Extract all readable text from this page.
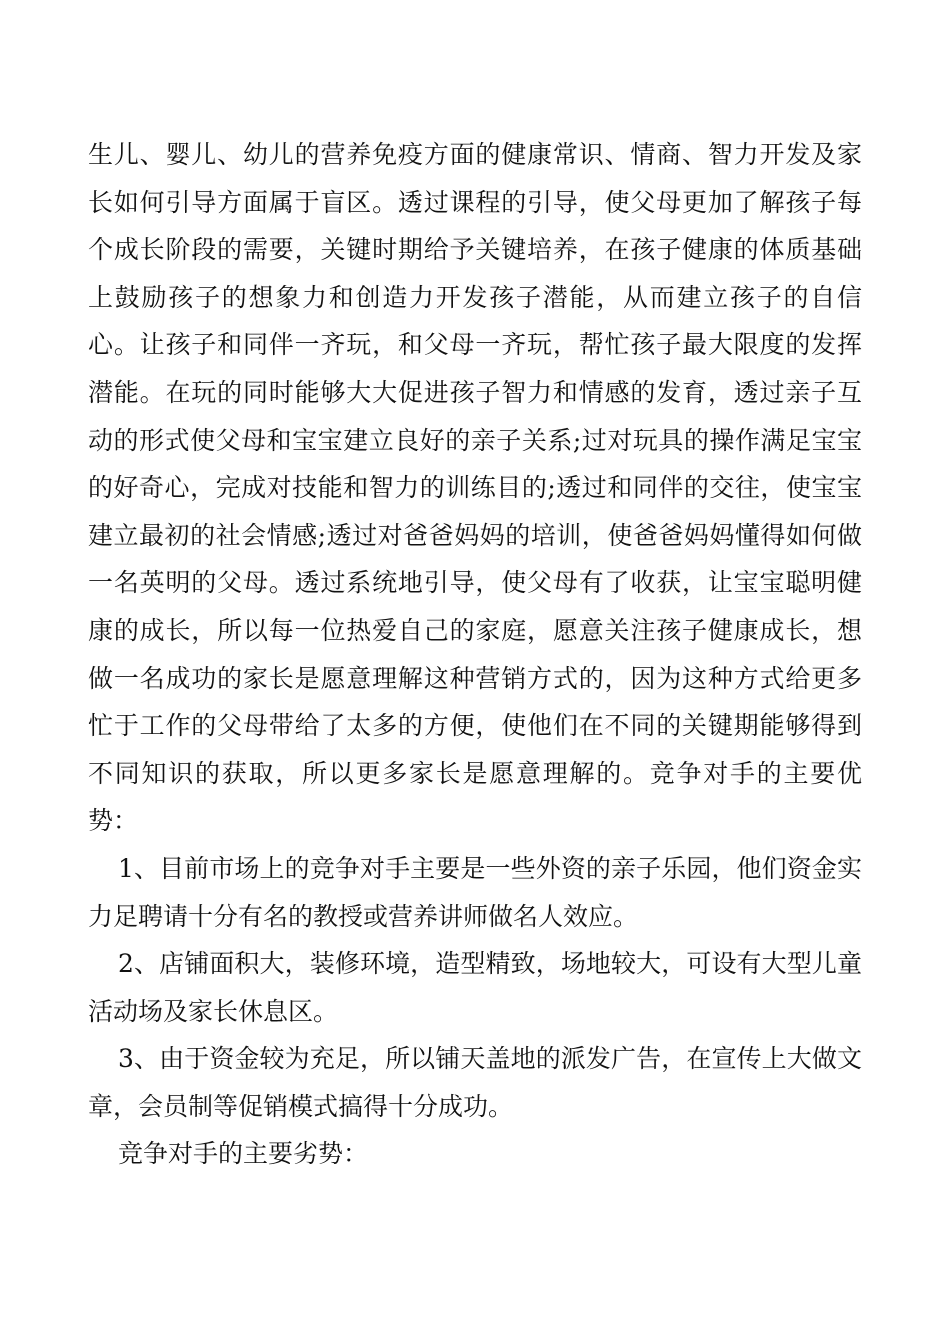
生儿、婴儿、幼儿的营养免疫方面的健康常识、情商、智力开发及家长如何引导方面属于盲区。透过课程的引导，使父母更加了解孩子每个成长阶段的需要，关键时期给予关键培养，在孩子健康的体质基础上鼓励孩子的想象力和创造力开发孩子潜能，从而建立孩子的自信心。让孩子和同伴一齐玩，和父母一齐玩，帮忙孩子最大限度的发挥潜能。在玩的同时能够大大促进孩子智力和情感的发育，透过亲子互动的形式使父母和宝宝建立良好的亲子关系;过对玩具的操作满足宝宝的好奇心，完成对技能和智力的训练目的;透过和同伴的交往，使宝宝建立最初的社会情感;透过对爸爸妈妈的培训，使爸爸妈妈懂得如何做一名英明的父母。透过系统地引导，使父母有了收获，让宝宝聪明健康的成长，所以每一位热爱自己的家庭，愿意关注孩子健康成长，想做一名成功的家长是愿意理解这种营销方式的，因为这种方式给更多忙于工作的父母带给了太多的方便，使他们在不同的关键期能够得到不同知识的获取，所以更多家长是愿意理解的。竞争对手的主要优势：

1、目前市场上的竞争对手主要是一些外资的亲子乐园，他们资金实力足聘请十分有名的教授或营养讲师做名人效应。

2、店铺面积大，装修环境，造型精致，场地较大，可设有大型儿童活动场及家长休息区。

3、由于资金较为充足，所以铺天盖地的派发广告，在宣传上大做文章，会员制等促销模式搞得十分成功。

竞争对手的主要劣势：
